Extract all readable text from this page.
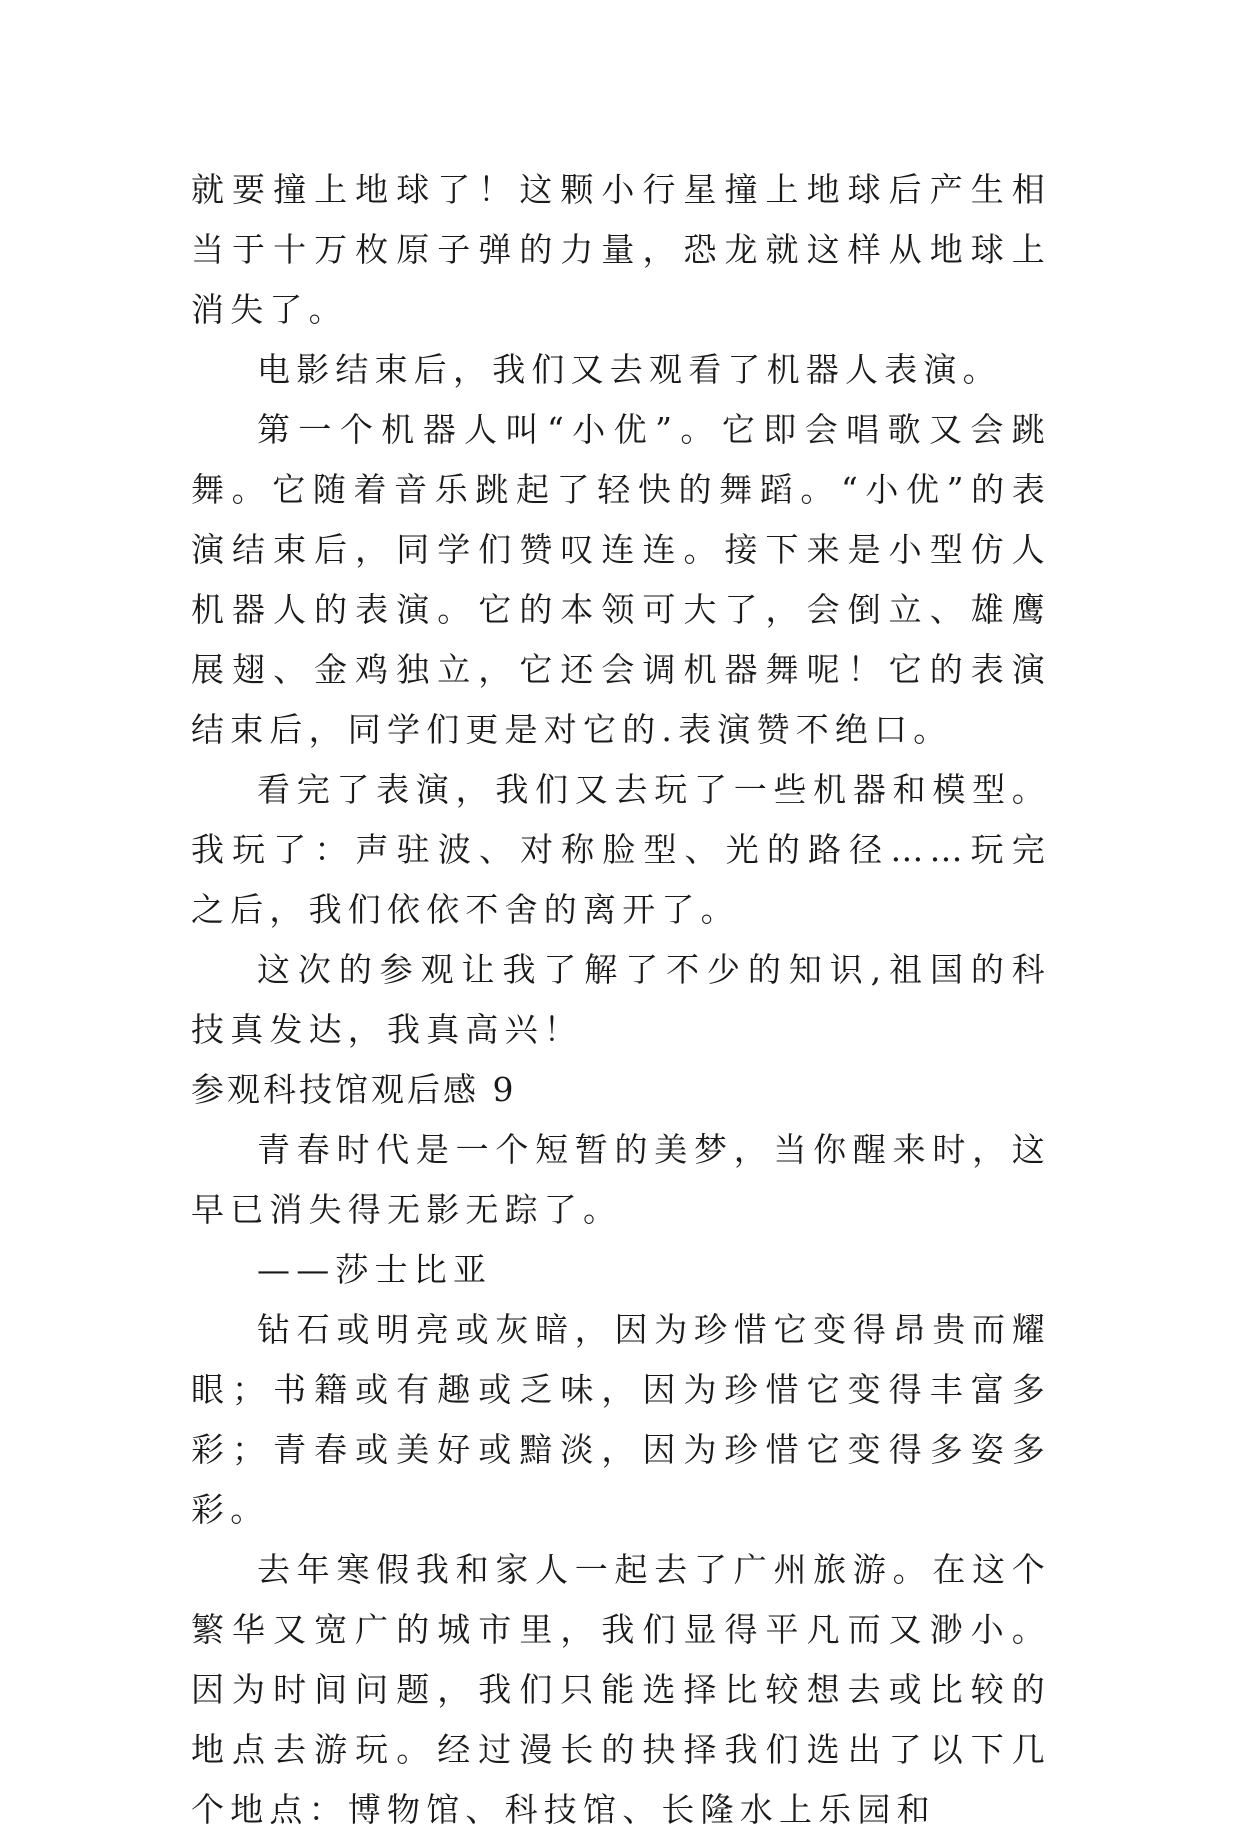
就要撞上地球了！这颗小行星撞上地球后产生相当于十万枚原子弹的力量，恐龙就这样从地球上消失了。

电影结束后，我们又去观看了机器人表演。

第一个机器人叫“小优”。它即会唱歌又会跳舞。它随着音乐跳起了轻快的舞蹈。“小优”的表演结束后，同学们赞叹连连。接下来是小型仿人机器人的表演。它的本领可大了，会倒立、雄鹰展翅、金鸡独立，它还会调机器舞呢！它的表演结束后，同学们更是对它的.表演赞不绝口。

看完了表演，我们又去玩了一些机器和模型。我玩了：声驻波、对称脸型、光的路径……玩完之后，我们依依不舍的离开了。

这次的参观让我了解了不少的知识,祖国的科技真发达，我真高兴！

参观科技馆观后感 9

青春时代是一个短暂的美梦，当你醒来时，这早已消失得无影无踪了。

——莎士比亚

钻石或明亮或灰暗，因为珍惜它变得昂贵而耀眼；书籍或有趣或乏味，因为珍惜它变得丰富多彩；青春或美好或黯淡，因为珍惜它变得多姿多彩。

去年寒假我和家人一起去了广州旅游。在这个繁华又宽广的城市里，我们显得平凡而又渺小。因为时间问题，我们只能选择比较想去或比较的地点去游玩。经过漫长的抉择我们选出了以下几个地点：博物馆、科技馆、长隆水上乐园和
